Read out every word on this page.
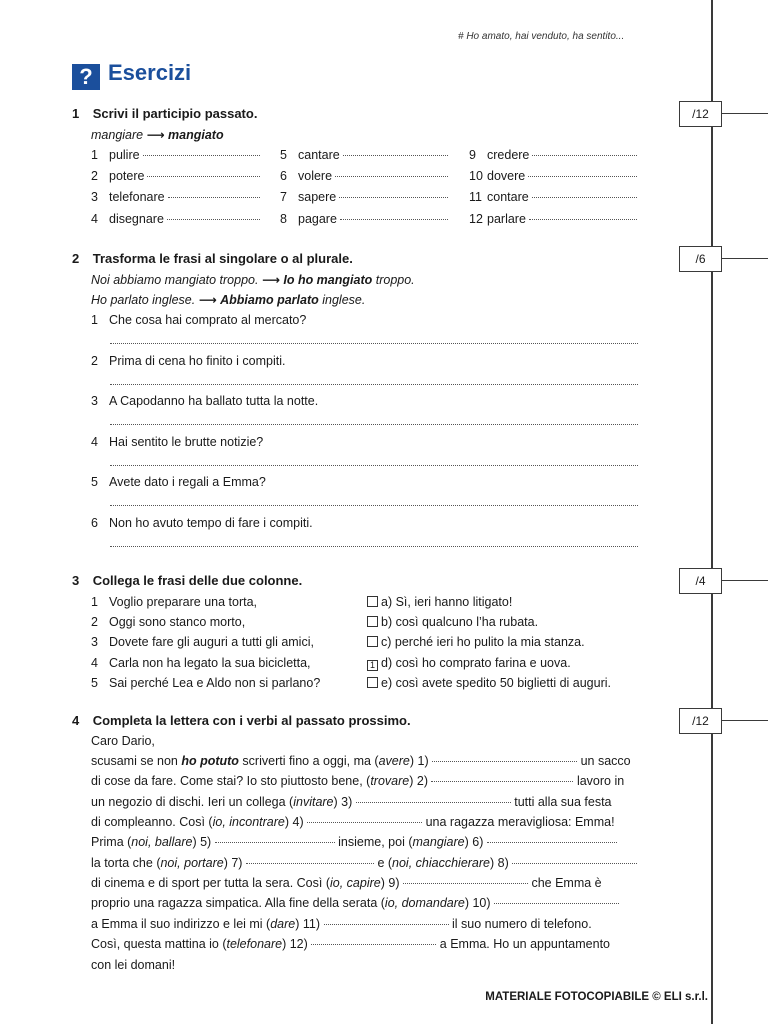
# Ho amato, hai venduto, ha sentito...
? Esercizi
/12
1 Scrivi il participio passato.
mangiare ⟶ mangiato
1 pulire
2 potere
3 telefonare
4 disegnare
5 cantare
6 volere
7 sapere
8 pagare
9 credere
10 dovere
11 contare
12 parlare
/6
2 Trasforma le frasi al singolare o al plurale.
Noi abbiamo mangiato troppo. ⟶ Io ho mangiato troppo.
Ho parlato inglese. ⟶ Abbiamo parlato inglese.
1 Che cosa hai comprato al mercato?
2 Prima di cena ho finito i compiti.
3 A Capodanno ha ballato tutta la notte.
4 Hai sentito le brutte notizie?
5 Avete dato i regali a Emma?
6 Non ho avuto tempo di fare i compiti.
/4
3 Collega le frasi delle due colonne.
1 Voglio preparare una torta,
2 Oggi sono stanco morto,
3 Dovete fare gli auguri a tutti gli amici,
4 Carla non ha legato la sua bicicletta,
5 Sai perché Lea e Aldo non si parlano?
a) Sì, ieri hanno litigato!
b) così qualcuno l’ha rubata.
c) perché ieri ho pulito la mia stanza.
1 d) così ho comprato farina e uova.
e) così avete spedito 50 biglietti di auguri.
/12
4 Completa la lettera con i verbi al passato prossimo.
Caro Dario,
scusami se non ho potuto scriverti fino a oggi, ma (avere) 1)	un sacco
di cose da fare. Come stai? Io sto piuttosto bene, (trovare) 2)	lavoro in
un negozio di dischi. Ieri un collega (invitare) 3)	tutti alla sua festa
di compleanno. Così (io, incontrare) 4)	una ragazza meravigliosa: Emma!
Prima (noi, ballare) 5)	insieme, poi (mangiare) 6)
la torta che (noi, portare) 7)	e (noi, chiacchierare) 8)
di cinema e di sport per tutta la sera. Così (io, capire) 9)	che Emma è
proprio una ragazza simpatica. Alla fine della serata (io, domandare) 10)
a Emma il suo indirizzo e lei mi (dare) 11)	il suo numero di telefono.
Così, questa mattina io (telefonare) 12)	a Emma. Ho un appuntamento
con lei domani!
MATERIALE FOTOCOPIABILE © ELI s.r.l.
